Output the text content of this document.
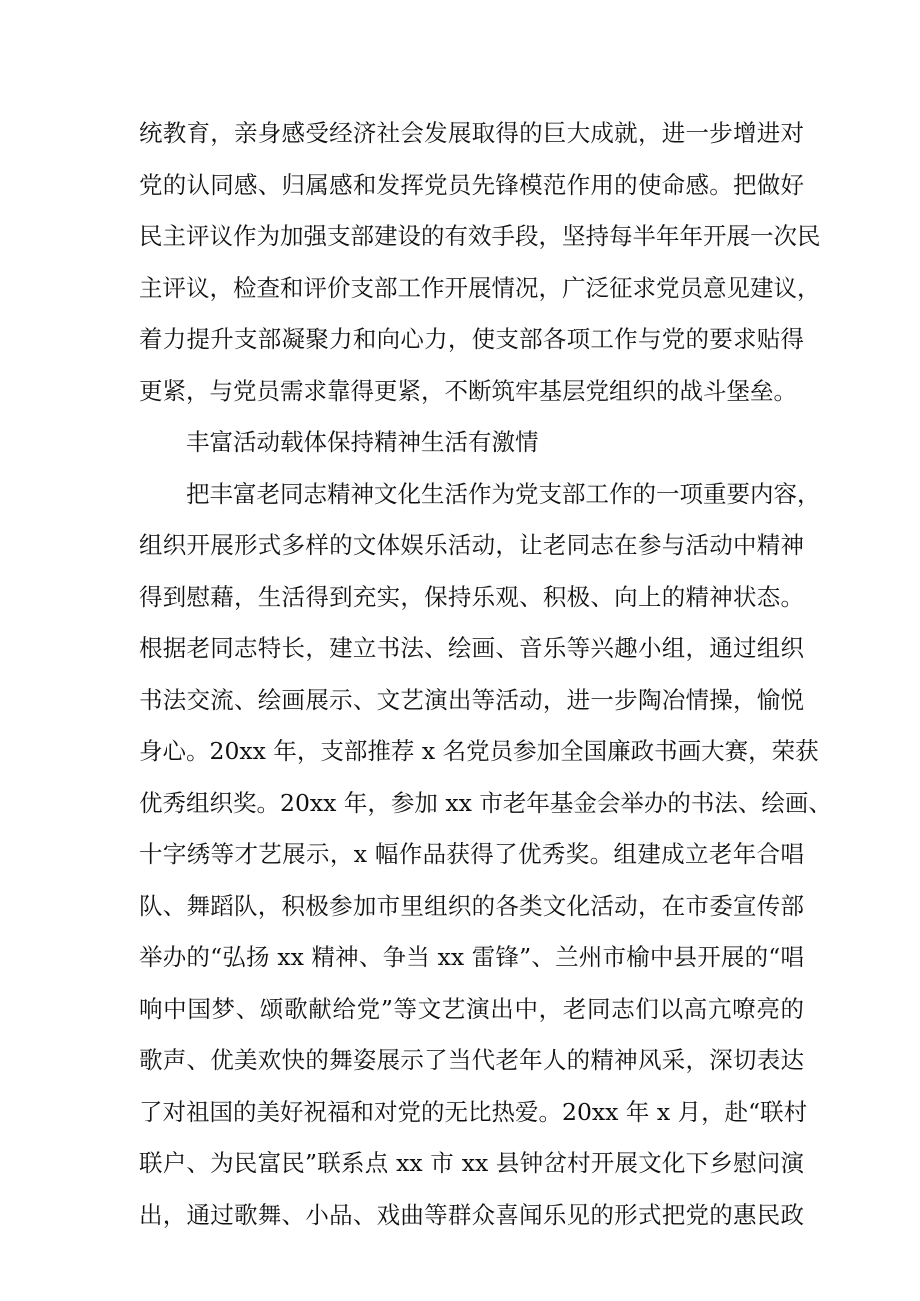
统教育，亲身感受经济社会发展取得的巨大成就，进一步增进对
党的认同感、归属感和发挥党员先锋模范作用的使命感。把做好
民主评议作为加强支部建设的有效手段，坚持每半年年开展一次民
主评议，检查和评价支部工作开展情况，广泛征求党员意见建议，
着力提升支部凝聚力和向心力，使支部各项工作与党的要求贴得
更紧，与党员需求靠得更紧，不断筑牢基层党组织的战斗堡垒。
丰富活动载体保持精神生活有激情
把丰富老同志精神文化生活作为党支部工作的一项重要内容，
组织开展形式多样的文体娱乐活动，让老同志在参与活动中精神
得到慰藉，生活得到充实，保持乐观、积极、向上的精神状态。
根据老同志特长，建立书法、绘画、音乐等兴趣小组，通过组织
书法交流、绘画展示、文艺演出等活动，进一步陶冶情操，愉悦
身心。20xx 年，支部推荐 x 名党员参加全国廉政书画大赛，荣获
优秀组织奖。20xx 年，参加 xx 市老年基金会举办的书法、绘画、
十字绣等才艺展示，x 幅作品获得了优秀奖。组建成立老年合唱
队、舞蹈队，积极参加市里组织的各类文化活动，在市委宣传部
举办的“弘扬 xx 精神、争当 xx 雷锋”、兰州市榆中县开展的“唱
响中国梦、颂歌献给党”等文艺演出中，老同志们以高亢嘹亮的
歌声、优美欢快的舞姿展示了当代老年人的精神风采，深切表达
了对祖国的美好祝福和对党的无比热爱。20xx 年 x 月，赴“联村
联户、为民富民”联系点 xx 市 xx 县钟岔村开展文化下乡慰问演
出，通过歌舞、小品、戏曲等群众喜闻乐见的形式把党的惠民政
